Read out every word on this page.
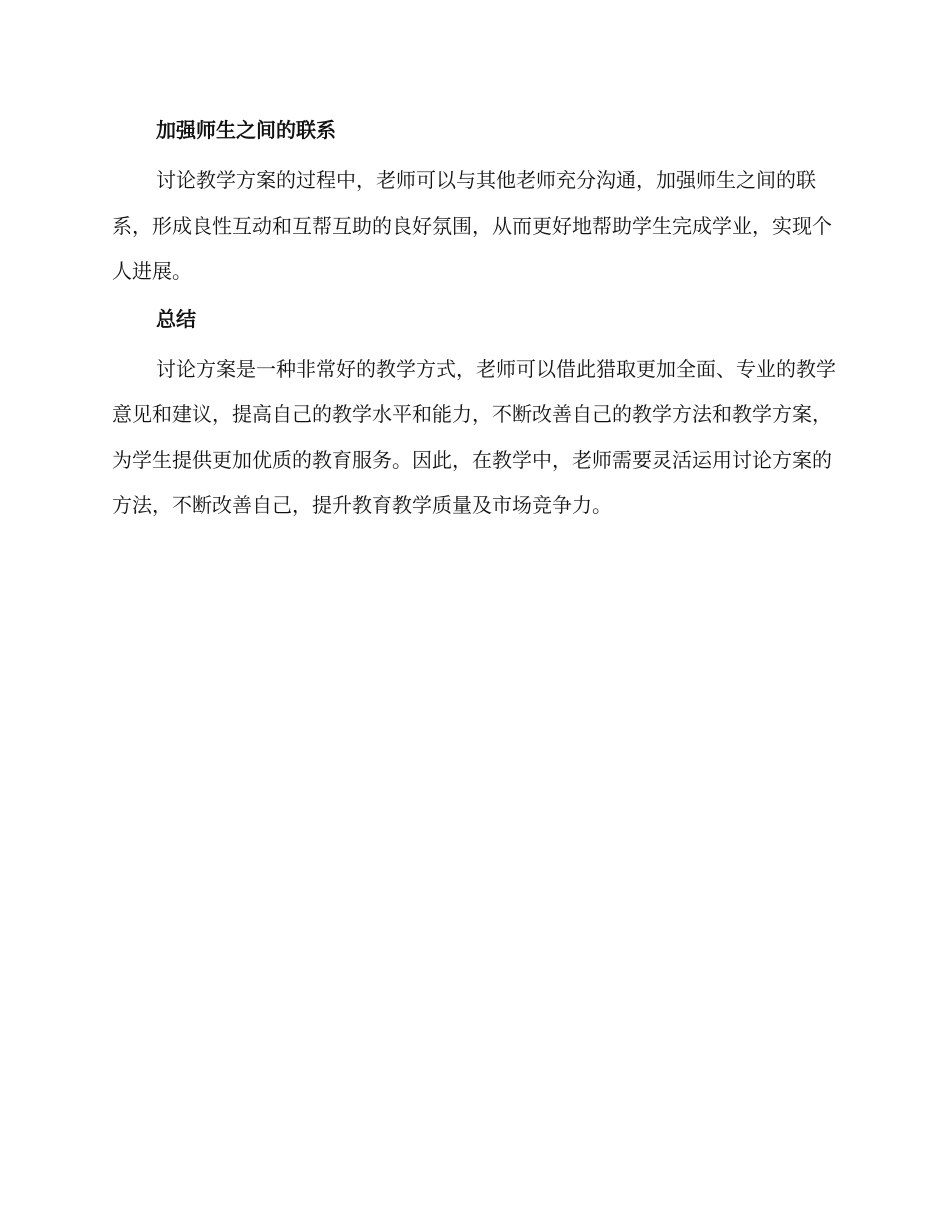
加强师生之间的联系

讨论教学方案的过程中，老师可以与其他老师充分沟通，加强师生之间的联系，形成良性互动和互帮互助的良好氛围，从而更好地帮助学生完成学业，实现个人进展。

总结

讨论方案是一种非常好的教学方式，老师可以借此猎取更加全面、专业的教学意见和建议，提高自己的教学水平和能力，不断改善自己的教学方法和教学方案，为学生提供更加优质的教育服务。因此，在教学中，老师需要灵活运用讨论方案的方法，不断改善自己，提升教育教学质量及市场竞争力。
